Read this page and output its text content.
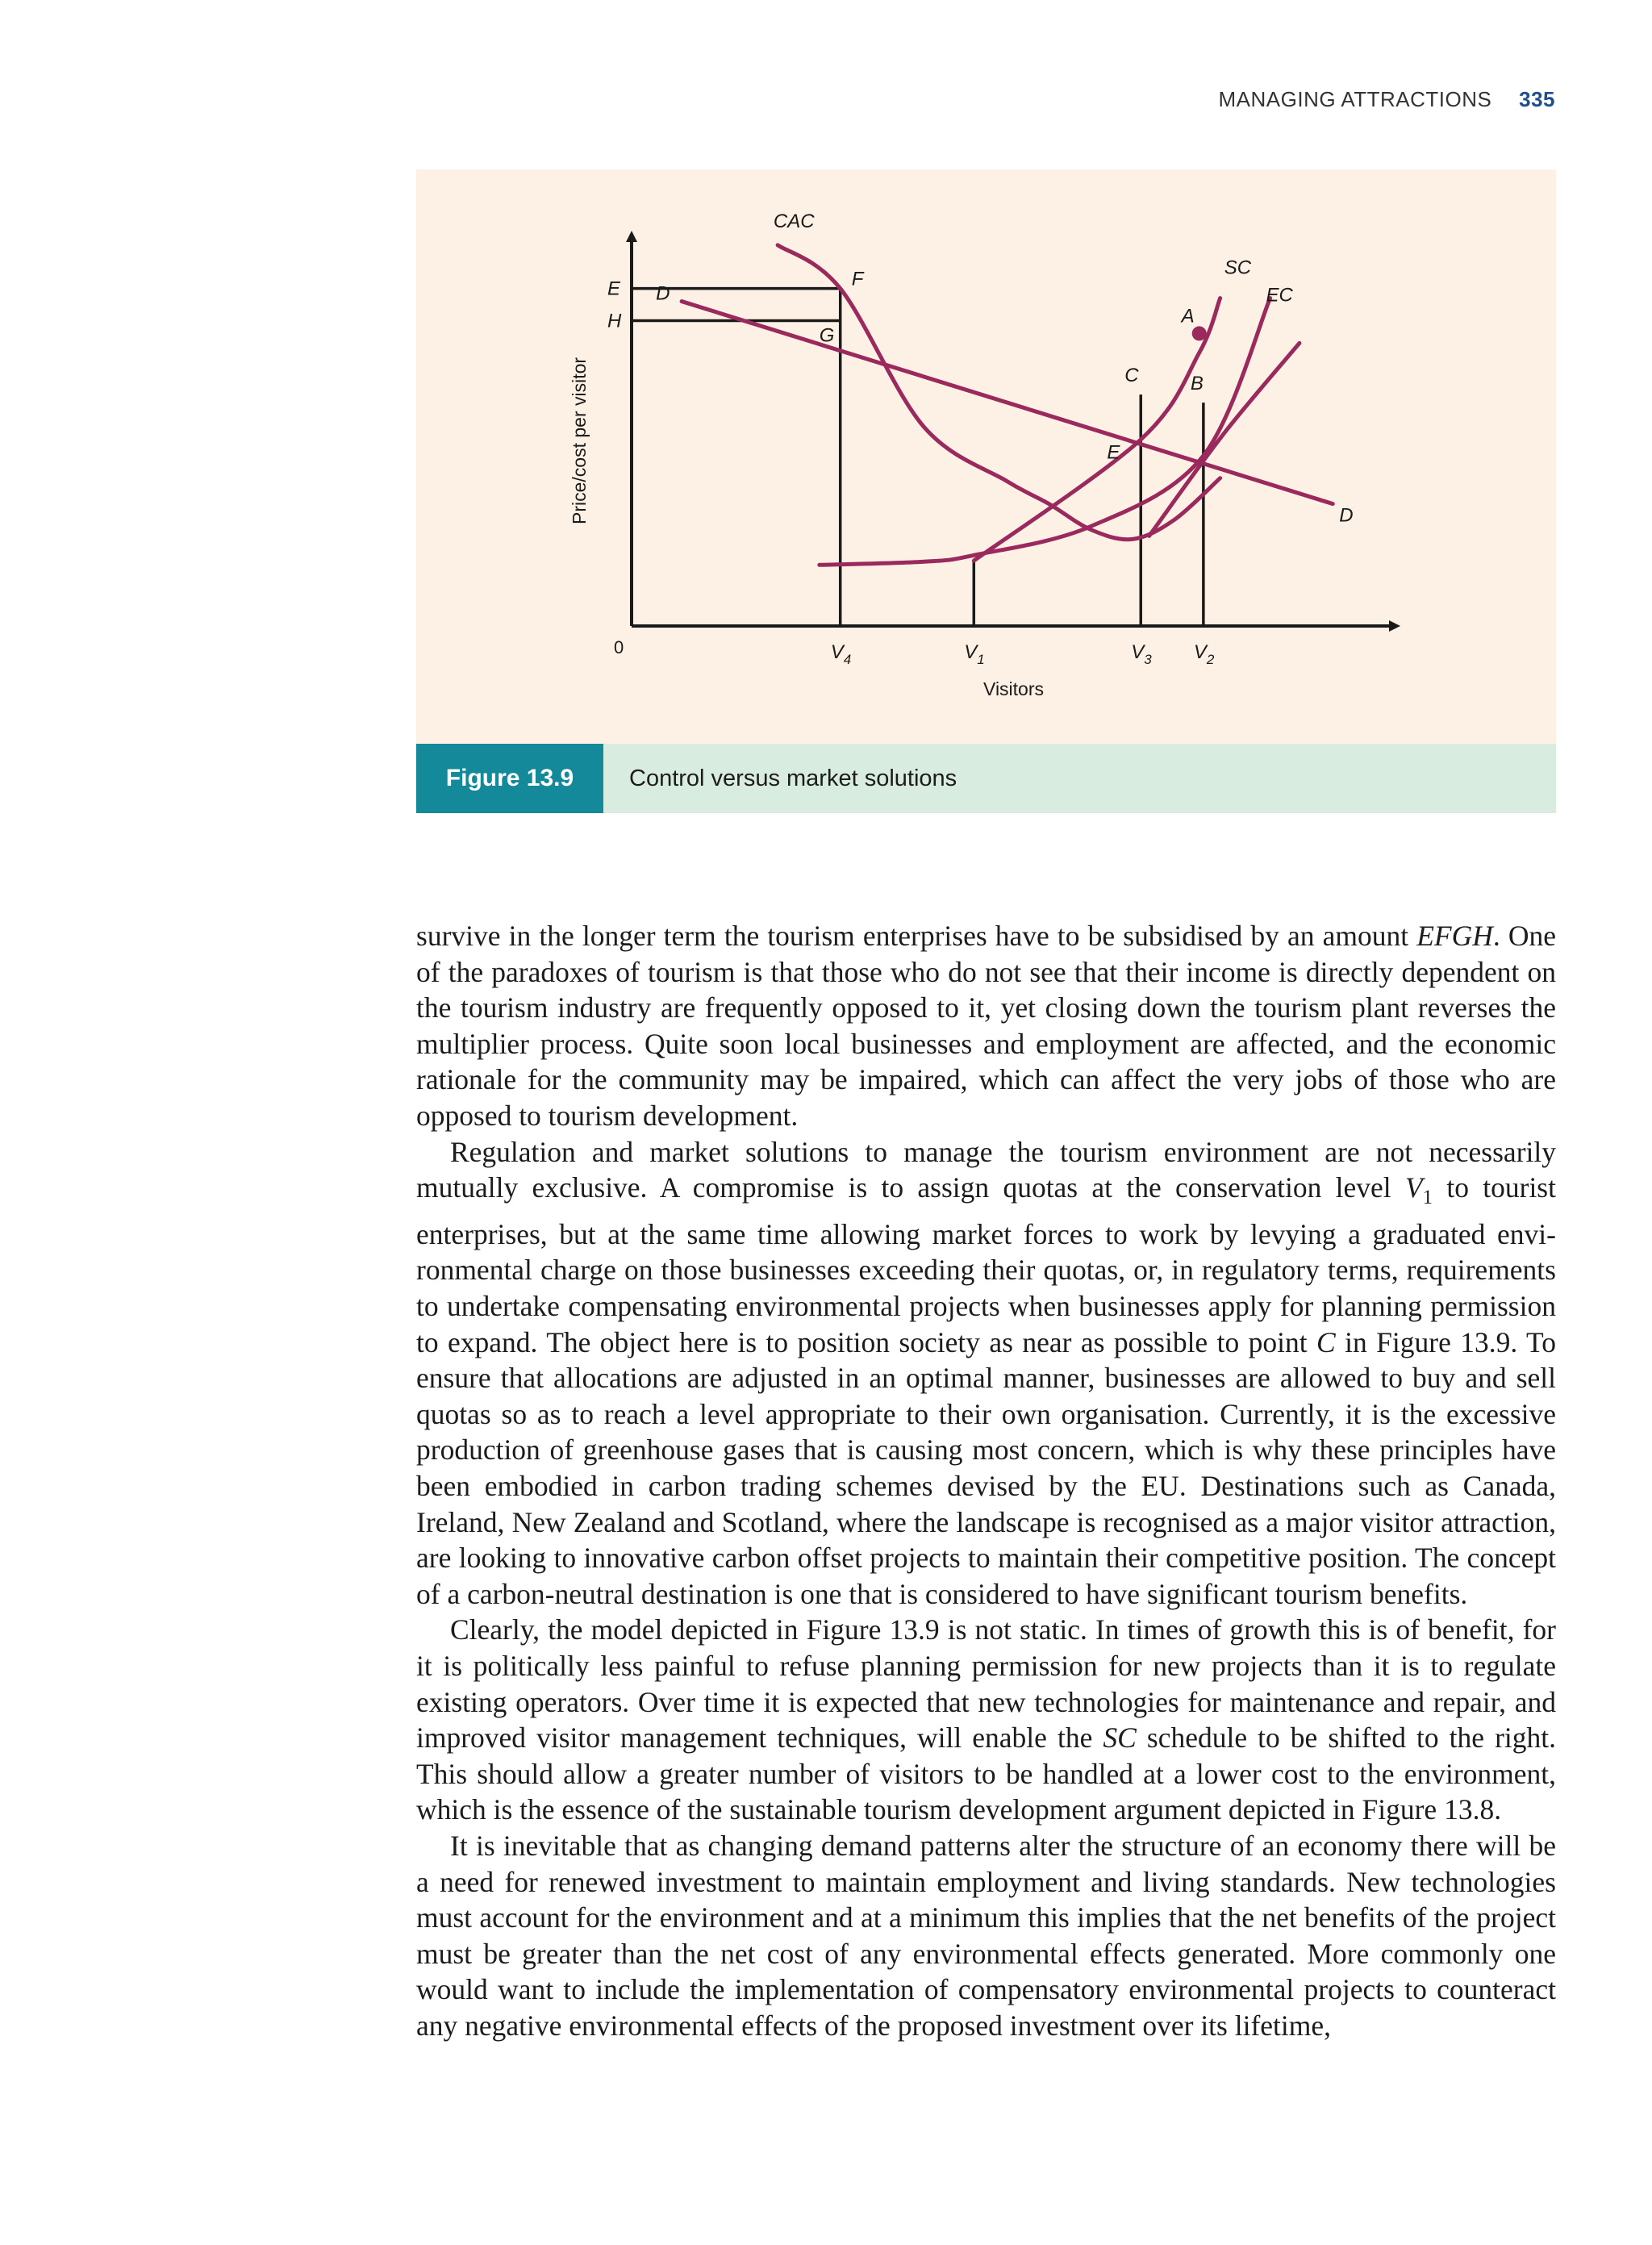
MANAGING ATTRACTIONS 335
0	$V_4$	$V_1$	$V_3$ $V_2$
E
H
Visitors
Price/cost per visitor
A
B
C
E
F
G
D
D
CAC
SC
EC
Figure 13.9	Control versus market solutions

survive in the longer term the tourism enterprises have to be subsidised by an amount EFGH. One of the paradoxes of tourism is that those who do not see that their income is directly dependent on the tourism industry are frequently opposed to it, yet closing down the tourism plant reverses the multiplier process. Quite soon local businesses and employment are affected, and the economic rationale for the community may be impaired, which can affect the very jobs of those who are opposed to tourism development.

Regulation and market solutions to manage the tourism environment are not necessarily mutually exclusive. A compromise is to assign quotas at the conservation level $V_1$ to tourist enterprises, but at the same time allowing market forces to work by levying a graduated environmental charge on those businesses exceeding their quotas, or, in regulatory terms, requirements to undertake compensating environmental projects when businesses apply for planning permission to expand. The object here is to position society as near as possible to point C in Figure 13.9. To ensure that allocations are adjusted in an optimal manner, businesses are allowed to buy and sell quotas so as to reach a level appropriate to their own organisation. Currently, it is the excessive production of greenhouse gases that is causing most concern, which is why these principles have been embodied in carbon trading schemes devised by the EU. Destinations such as Canada, Ireland, New Zealand and Scotland, where the landscape is recognised as a major visitor attraction, are looking to innovative carbon offset projects to maintain their competitive position. The concept of a carbon-neutral destination is one that is considered to have significant tourism benefits.

Clearly, the model depicted in Figure 13.9 is not static. In times of growth this is of benefit, for it is politically less painful to refuse planning permission for new projects than it is to regulate existing operators. Over time it is expected that new technologies for maintenance and repair, and improved visitor management techniques, will enable the SC schedule to be shifted to the right. This should allow a greater number of visitors to be handled at a lower cost to the environment, which is the essence of the sustainable tourism development argument depicted in Figure 13.8.

It is inevitable that as changing demand patterns alter the structure of an economy there will be a need for renewed investment to maintain employment and living standards. New technologies must account for the environment and at a minimum this implies that the net benefits of the project must be greater than the net cost of any environmental effects generated. More commonly one would want to include the implementation of compensatory environmental projects to counteract any negative environmental effects of the proposed investment over its lifetime,
